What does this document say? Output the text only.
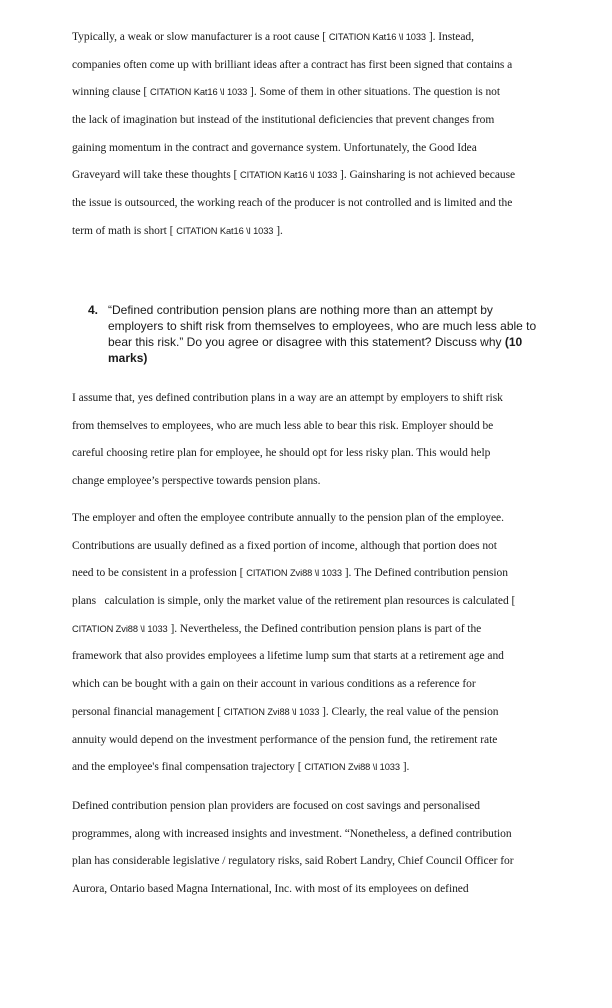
Typically, a weak or slow manufacturer is a root cause [ CITATION Kat16 \l 1033 ]. Instead,
companies often come up with brilliant ideas after a contract has first been signed that contains a
winning clause [ CITATION Kat16 \l 1033 ]. Some of them in other situations. The question is not
the lack of imagination but instead of the institutional deficiencies that prevent changes from
gaining momentum in the contract and governance system. Unfortunately, the Good Idea
Graveyard will take these thoughts [ CITATION Kat16 \l 1033 ]. Gainsharing is not achieved because
the issue is outsourced, the working reach of the producer is not controlled and is limited and the
term of math is short [ CITATION Kat16 \l 1033 ].
4. “Defined contribution pension plans are nothing more than an attempt by
employers to shift risk from themselves to employees, who are much less able to
bear this risk.” Do you agree or disagree with this statement? Discuss why (10
marks)
I assume that, yes defined contribution plans in a way are an attempt by employers to shift risk
from themselves to employees, who are much less able to bear this risk. Employer should be
careful choosing retire plan for employee, he should opt for less risky plan. This would help
change employee’s perspective towards pension plans.
The employer and often the employee contribute annually to the pension plan of the employee.
Contributions are usually defined as a fixed portion of income, although that portion does not
need to be consistent in a profession [ CITATION Zvi88 \l 1033 ]. The Defined contribution pension
plans   calculation is simple, only the market value of the retirement plan resources is calculated [
CITATION Zvi88 \l 1033 ]. Nevertheless, the Defined contribution pension plans is part of the
framework that also provides employees a lifetime lump sum that starts at a retirement age and
which can be bought with a gain on their account in various conditions as a reference for
personal financial management [ CITATION Zvi88 \l 1033 ]. Clearly, the real value of the pension
annuity would depend on the investment performance of the pension fund, the retirement rate
and the employee's final compensation trajectory [ CITATION Zvi88 \l 1033 ].
Defined contribution pension plan providers are focused on cost savings and personalised
programmes, along with increased insights and investment. “Nonetheless, a defined contribution
plan has considerable legislative / regulatory risks, said Robert Landry, Chief Council Officer for
Aurora, Ontario based Magna International, Inc. with most of its employees on defined
